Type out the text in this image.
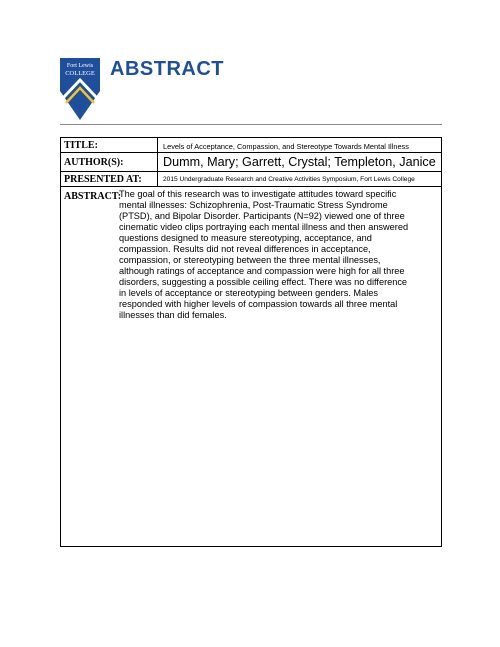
Fort Lewis
COLLEGE ABSTRACT
TITLE:	Levels of Acceptance, Compassion, and Stereotype Towards Mental Illness
AUTHOR(S):	Dumm, Mary; Garrett, Crystal; Templeton, Janice
PRESENTED AT:	2015 Undergraduate Research and Creative Activities Symposium, Fort Lewis College
ABSTRACT:
The goal of this research was to investigate attitudes toward specific
mental illnesses: Schizophrenia, Post-Traumatic Stress Syndrome
(PTSD), and Bipolar Disorder. Participants (N=92) viewed one of three
cinematic video clips portraying each mental illness and then answered
questions designed to measure stereotyping, acceptance, and
compassion. Results did not reveal differences in acceptance,
compassion, or stereotyping between the three mental illnesses,
although ratings of acceptance and compassion were high for all three
disorders, suggesting a possible ceiling effect. There was no difference
in levels of acceptance or stereotyping between genders. Males
responded with higher levels of compassion towards all three mental
illnesses than did females.
